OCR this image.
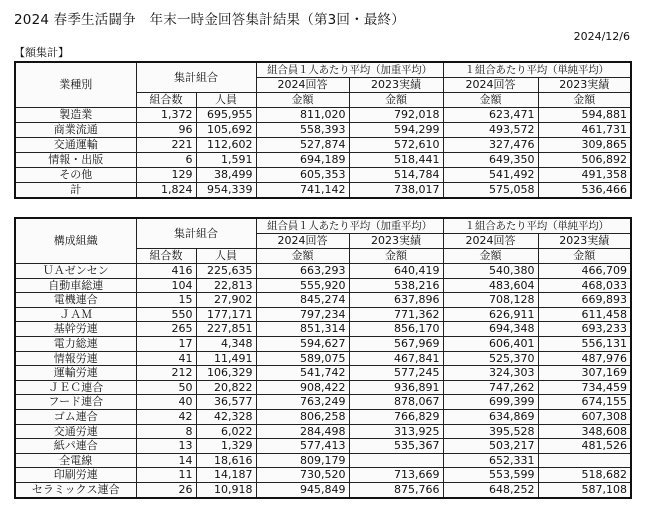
2024 春季生活闘争　年末一時金回答集計結果（第3回・最終）
2024/12/6
【額集計】
業種別	集計組合		組合員１人あたり平均（加重平均）		１組合あたり平均（単純平均）	
			2024回答	2023実績	2024回答	2023実績
	組合数	人員	金額	金額	金額	金額
製造業	1,372	695,955	811,020	792,018	623,471	594,881
商業流通	96	105,692	558,393	594,299	493,572	461,731
交通運輸	221	112,602	527,874	572,610	327,476	309,865
情報・出版	6	1,591	694,189	518,441	649,350	506,892
その他	129	38,499	605,353	514,784	541,492	491,358
計	1,824	954,339	741,142	738,017	575,058	536,466
構成組織	集計組合		組合員１人あたり平均（加重平均）		１組合あたり平均（単純平均）	
			2024回答	2023実績	2024回答	2023実績
	組合数	人員	金額	金額	金額	金額
ＵＡゼンセン	416	225,635	663,293	640,419	540,380	466,709
自動車総連	104	22,813	555,920	538,216	483,604	468,033
電機連合	15	27,902	845,274	637,896	708,128	669,893
ＪＡＭ	550	177,171	797,234	771,362	626,911	611,458
基幹労連	265	227,851	851,314	856,170	694,348	693,233
電力総連	17	4,348	594,627	567,969	606,401	556,131
情報労連	41	11,491	589,075	467,841	525,370	487,976
運輸労連	212	106,329	541,742	577,245	324,303	307,169
ＪＥＣ連合	50	20,822	908,422	936,891	747,262	734,459
フード連合	40	36,577	763,249	878,067	699,399	674,155
ゴム連合	42	42,328	806,258	766,829	634,869	607,308
交通労連	8	6,022	284,498	313,925	395,528	348,608
紙パ連合	13	1,329	577,413	535,367	503,217	481,526
全電線	14	18,616	809,179		652,331	
印刷労連	11	14,187	730,520	713,669	553,599	518,682
セラミックス連合	26	10,918	945,849	875,766	648,252	587,108
